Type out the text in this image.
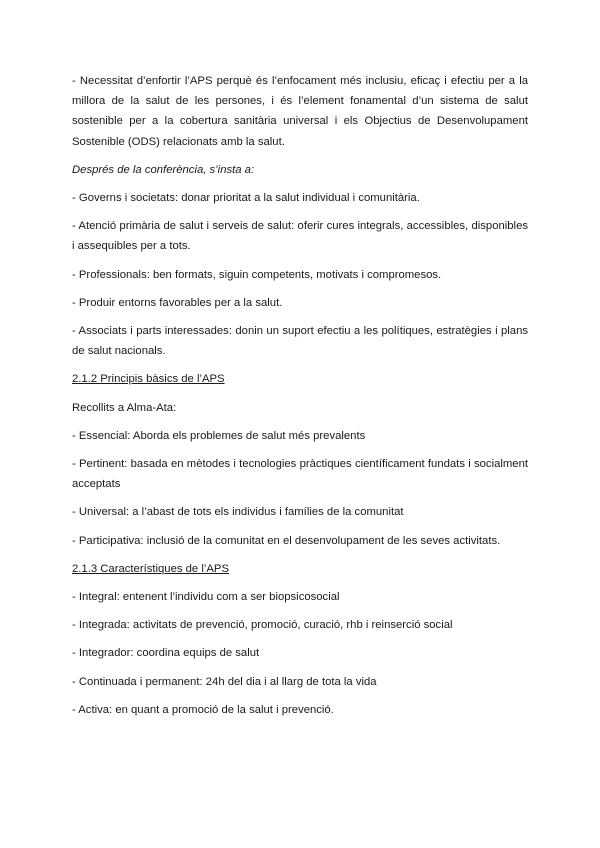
- Necessitat d’enfortir l’APS perquè és l’enfocament més inclusiu, eficaç i efectiu per a la millora de la salut de les persones, i és l’element fonamental d’un sistema de salut sostenible per a la cobertura sanitària universal i els Objectius de Desenvolupament Sostenible (ODS) relacionats amb la salut.

Després de la conferència, s’insta a:

- Governs i societats: donar prioritat a la salut individual i comunitària.

- Atenció primària de salut i serveis de salut: oferir cures integrals, accessibles, disponibles i assequibles per a tots.

- Professionals: ben formats, siguin competents, motivats i compromesos.

- Produir entorns favorables per a la salut.

- Associats i parts interessades: donin un suport efectiu a les polítiques, estratègies i plans de salut nacionals.

2.1.2 Principis bàsics de l’APS

Recollits a Alma-Ata:

- Essencial: Aborda els problemes de salut més prevalents

- Pertinent: basada en mètodes i tecnologies pràctiques científicament fundats i socialment acceptats

- Universal: a l’abast de tots els individus i famílies de la comunitat

- Participativa: inclusió de la comunitat en el desenvolupament de les seves activitats.

2.1.3 Característiques de l’APS

- Integral: entenent l’individu com a ser biopsicosocial

- Integrada: activitats de prevenció, promoció, curació, rhb i reinserció social

- Integrador: coordina equips de salut

- Continuada i permanent: 24h del dia i al llarg de tota la vida

- Activa: en quant a promoció de la salut i prevenció.
